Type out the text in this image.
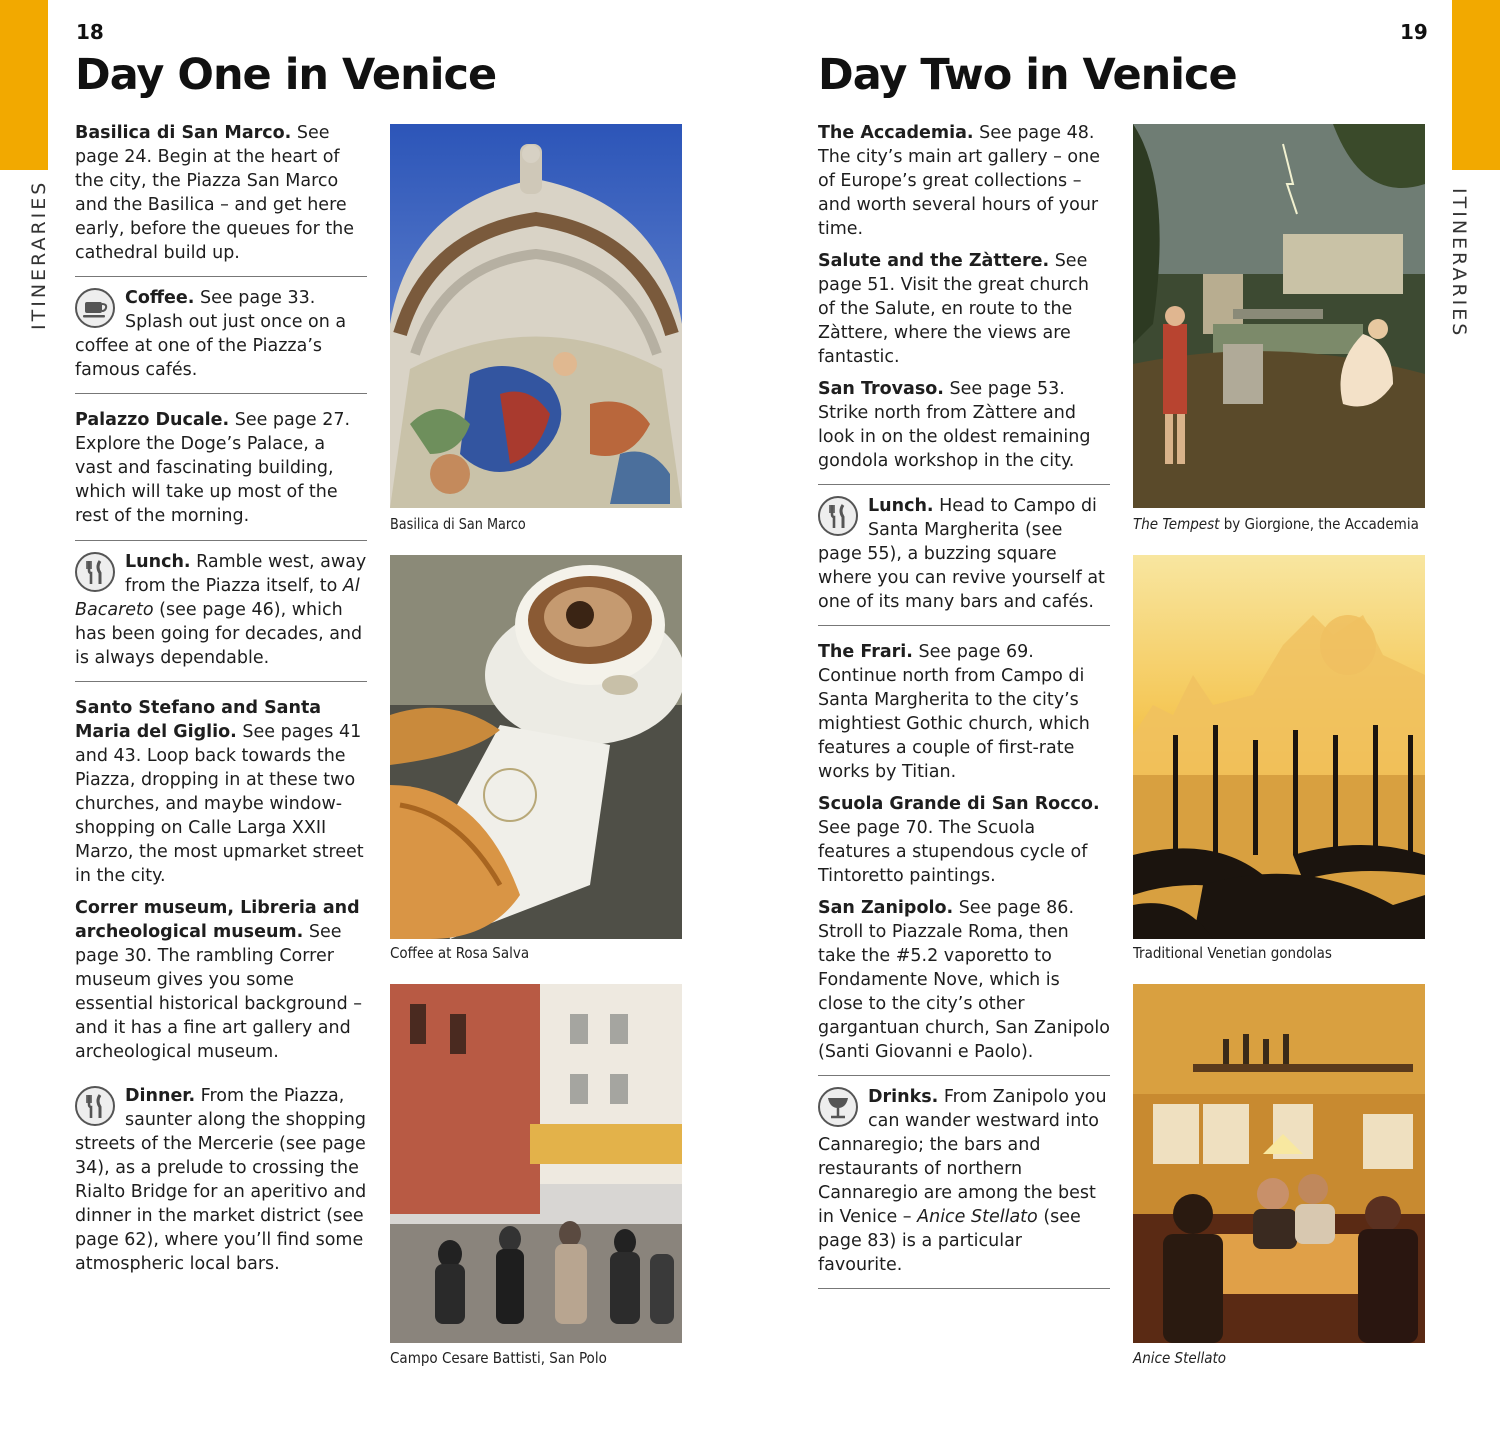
ITINERARIES	ITINERARIES
18
Day One in Venice

Basilica di San Marco. See page 24. Begin at the heart of the city, the Piazza San Marco and the Basilica – and get here early, before the queues for the cathedral build up.

Coffee. See page 33. Splash out just once on a coffee at one of the Piazza’s famous cafés.

Palazzo Ducale. See page 27. Explore the Doge’s Palace, a vast and fascinating building, which will take up most of the rest of the morning.

Lunch. Ramble west, away from the Piazza itself, to Al Bacareto (see page 46), which has been going for decades, and is always dependable.

Santo Stefano and Santa Maria del Giglio. See pages 41 and 43. Loop back towards the Piazza, dropping in at these two churches, and maybe window-shopping on Calle Larga XXII Marzo, the most upmarket street in the city.

Correr museum, Libreria and archeological museum. See page 30. The rambling Correr museum gives you some essential historical background – and it has a fine art gallery and archeological museum.

Dinner. From the Piazza, saunter along the shopping streets of the Mercerie (see page 34), as a prelude to crossing the Rialto Bridge for an aperitivo and dinner in the market district (see page 62), where you’ll find some atmospheric local bars.
Basilica di San Marco
Coffee at Rosa Salva
Campo Cesare Battisti, San Polo
19
Day Two in Venice

The Accademia. See page 48. The city’s main art gallery – one of Europe’s great collections – and worth several hours of your time.

Salute and the Zàttere. See page 51. Visit the great church of the Salute, en route to the Zàttere, where the views are fantastic.

San Trovaso. See page 53. Strike north from Zàttere and look in on the oldest remaining gondola workshop in the city.

Lunch. Head to Campo di Santa Margherita (see page 55), a buzzing square where you can revive yourself at one of its many bars and cafés.

The Frari. See page 69. Continue north from Campo di Santa Margherita to the city’s mightiest Gothic church, which features a couple of first-rate works by Titian.

Scuola Grande di San Rocco. See page 70. The Scuola features a stupendous cycle of Tintoretto paintings.

San Zanipolo. See page 86. Stroll to Piazzale Roma, then take the #5.2 vaporetto to Fondamente Nove, which is close to the city’s other gargantuan church, San Zanipolo (Santi Giovanni e Paolo).

Drinks. From Zanipolo you can wander westward into Cannaregio; the bars and restaurants of northern Cannaregio are among the best in Venice – Anice Stellato (see page 83) is a particular favourite.
The Tempest by Giorgione, the Accademia
Traditional Venetian gondolas
Anice Stellato
